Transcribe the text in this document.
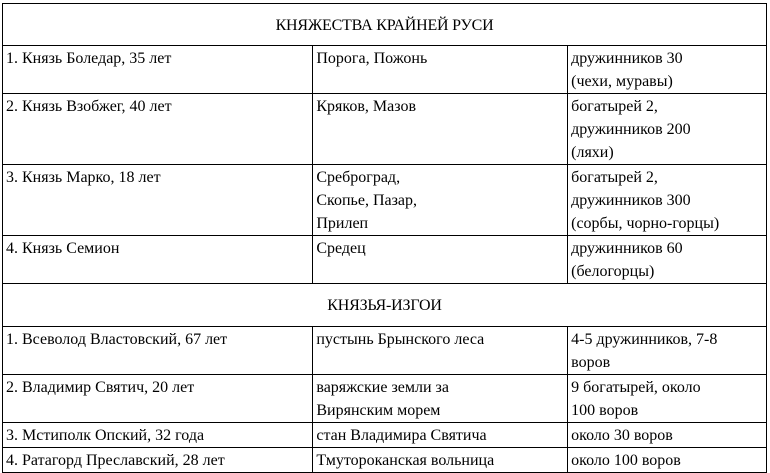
КНЯЖЕСТВА КРАЙНЕЙ РУСИ		
1. Князь Боледар, 35 лет	Порога, Пожонь	дружинников 30
(чехи, муравы)

2. Князь Взобжег, 40 лет	Кряков, Мазов	богатырей 2,
дружинников 200
(ляхи)

3. Князь Марко, 18 лет	Среброград,
Скопье, Пазар,
Прилеп	богатырей 2,
дружинников 300
(сорбы, чорно-горцы)

4. Князь Семион	Средец	дружинников 60
(белогорцы)

КНЯЗЬЯ-ИЗГОИ		
1. Всеволод Властовский, 67 лет	пустынь Брынского леса	4-5 дружинников, 7-8
воров

2. Владимир Святич, 20 лет	варяжские земли за
Вирянским морем	9 богатырей, около
100 воров

3. Мстиполк Опский, 32 года	стан Владимира Святича	около 30 воров

4. Ратагорд Преславский, 28 лет	Тмутороканская вольница	около 100 воров
